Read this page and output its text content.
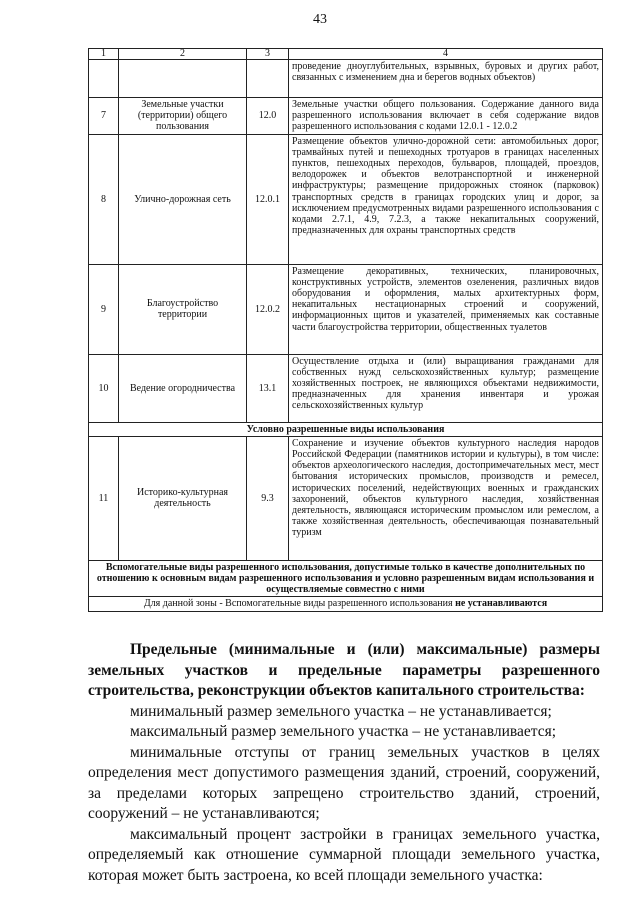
43
1	2	3	4
			проведение дноуглубительных, взрывных, буровых и других работ, связанных с изменением дна и берегов водных объектов)
7	Земельные участки (территории) общего пользования	12.0	Земельные участки общего пользования. Содержание данного вида разрешенного использования включает в себя содержание видов разрешенного использования с кодами 12.0.1 - 12.0.2
8	Улично-дорожная сеть	12.0.1	Размещение объектов улично-дорожной сети: автомобильных дорог, трамвайных путей и пешеходных тротуаров в границах населенных пунктов, пешеходных переходов, бульваров, площадей, проездов, велодорожек и объектов велотранспортной и инженерной инфраструктуры; размещение придорожных стоянок (парковок) транспортных средств в границах городских улиц и дорог, за исключением предусмотренных видами разрешенного использования с кодами 2.7.1, 4.9, 7.2.3, а также некапитальных сооружений, предназначенных для охраны транспортных средств
9	Благоустройство территории	12.0.2	Размещение декоративных, технических, планировочных, конструктивных устройств, элементов озеленения, различных видов оборудования и оформления, малых архитектурных форм, некапитальных нестационарных строений и сооружений, информационных щитов и указателей, применяемых как составные части благоустройства территории, общественных туалетов
10	Ведение огородничества	13.1	Осуществление отдыха и (или) выращивания гражданами для собственных нужд сельскохозяйственных культур; размещение хозяйственных построек, не являющихся объектами недвижимости, предназначенных для хранения инвентаря и урожая сельскохозяйственных культур
Условно разрешенные виды использования			
11	Историко-культурная деятельность	9.3	Сохранение и изучение объектов культурного наследия народов Российской Федерации (памятников истории и культуры), в том числе: объектов археологического наследия, достопримечательных мест, мест бытования исторических промыслов, производств и ремесел, исторических поселений, недействующих военных и гражданских захоронений, объектов культурного наследия, хозяйственная деятельность, являющаяся историческим промыслом или ремеслом, а также хозяйственная деятельность, обеспечивающая познавательный туризм
Вспомогательные виды разрешенного использования, допустимые только в качестве дополнительных по отношению к основным видам разрешенного использования и условно разрешенным видам использования и осуществляемые совместно с ними			
Для данной зоны - Вспомогательные виды разрешенного использования не устанавливаются			

Предельные (минимальные и (или) максимальные) размеры земельных участков и предельные параметры разрешенного строительства, реконструкции объектов капитального строительства:

минимальный размер земельного участка – не устанавливается;

максимальный размер земельного участка – не устанавливается;

минимальные отступы от границ земельных участков в целях определения мест допустимого размещения зданий, строений, сооружений, за пределами которых запрещено строительство зданий, строений, сооружений – не устанавливаются;

максимальный процент застройки в границах земельного участка, определяемый как отношение суммарной площади земельного участка, которая может быть застроена, ко всей площади земельного участка:
